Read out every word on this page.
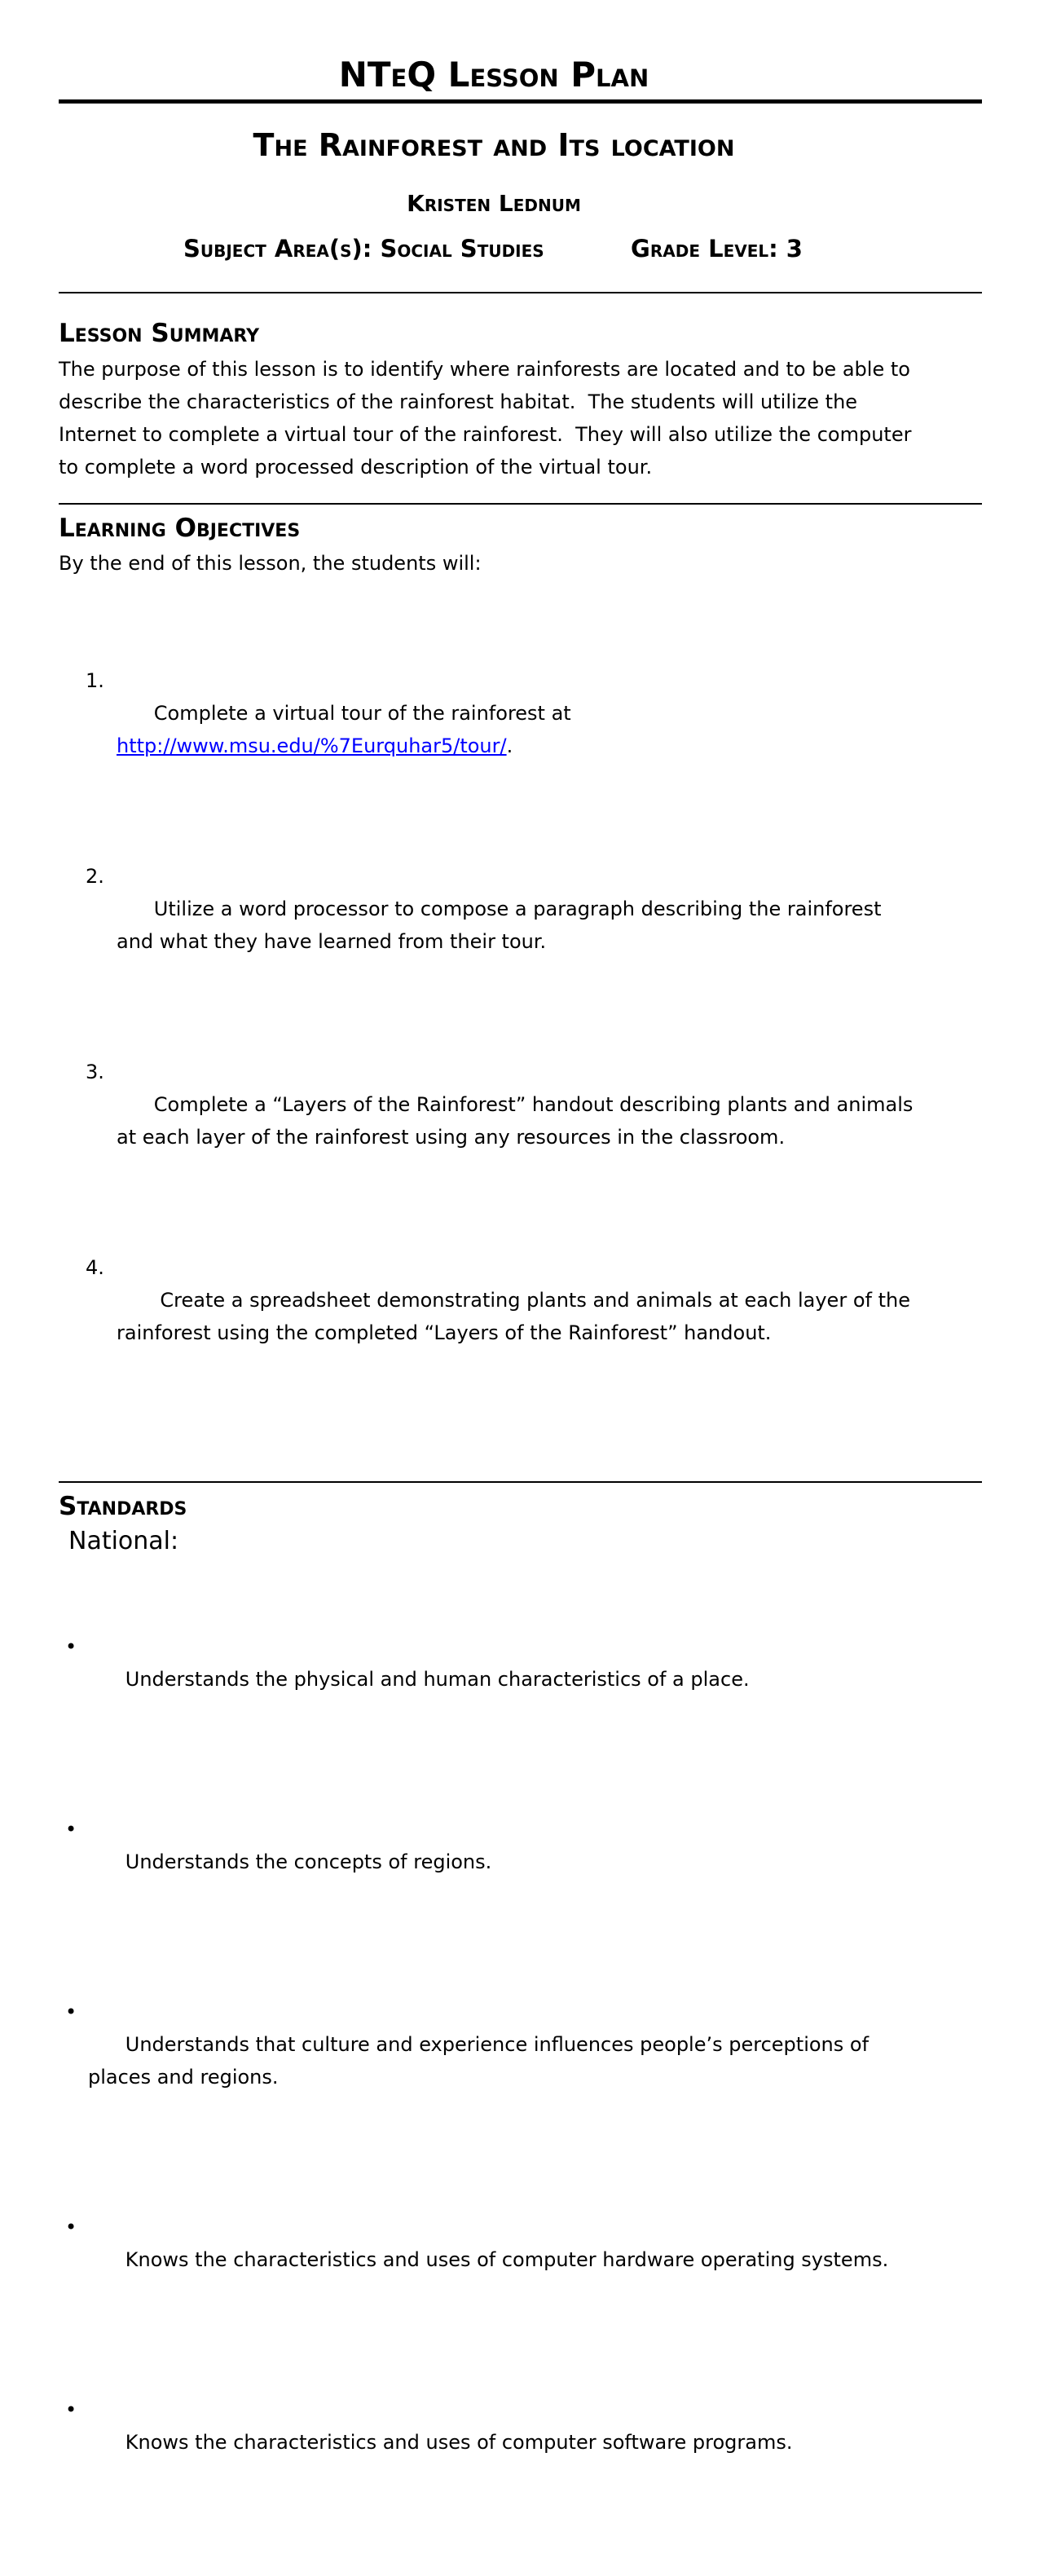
NTeQ Lesson Plan
The Rainforest and Its location
Kristen Lednum
Subject Area(s): Social Studies	Grade Level: 3
Lesson Summary

The purpose of this lesson is to identify where rainforests are located and to be able to describe the characteristics of the rainforest habitat.  The students will utilize the Internet to complete a virtual tour of the rainforest.  They will also utilize the computer to complete a word processed description of the virtual tour.

Learning Objectives

By the end of this lesson, the students will:

Complete a virtual tour of the rainforest at http://www.msu.edu/%7Eurquhar5/tour/.

Utilize a word processor to compose a paragraph describing the rainforest and what they have learned from their tour.

Complete a “Layers of the Rainforest” handout describing plants and animals at each layer of the rainforest using any resources in the classroom.

Create a spreadsheet demonstrating plants and animals at each layer of the rainforest using the completed “Layers of the Rainforest” handout.

Standards
National:

• Understands the physical and human characteristics of a place.

• Understands the concepts of regions.

• Understands that culture and experience influences people’s perceptions of places and regions.

• Knows the characteristics and uses of computer hardware operating systems.

• Knows the characteristics and uses of computer software programs.
